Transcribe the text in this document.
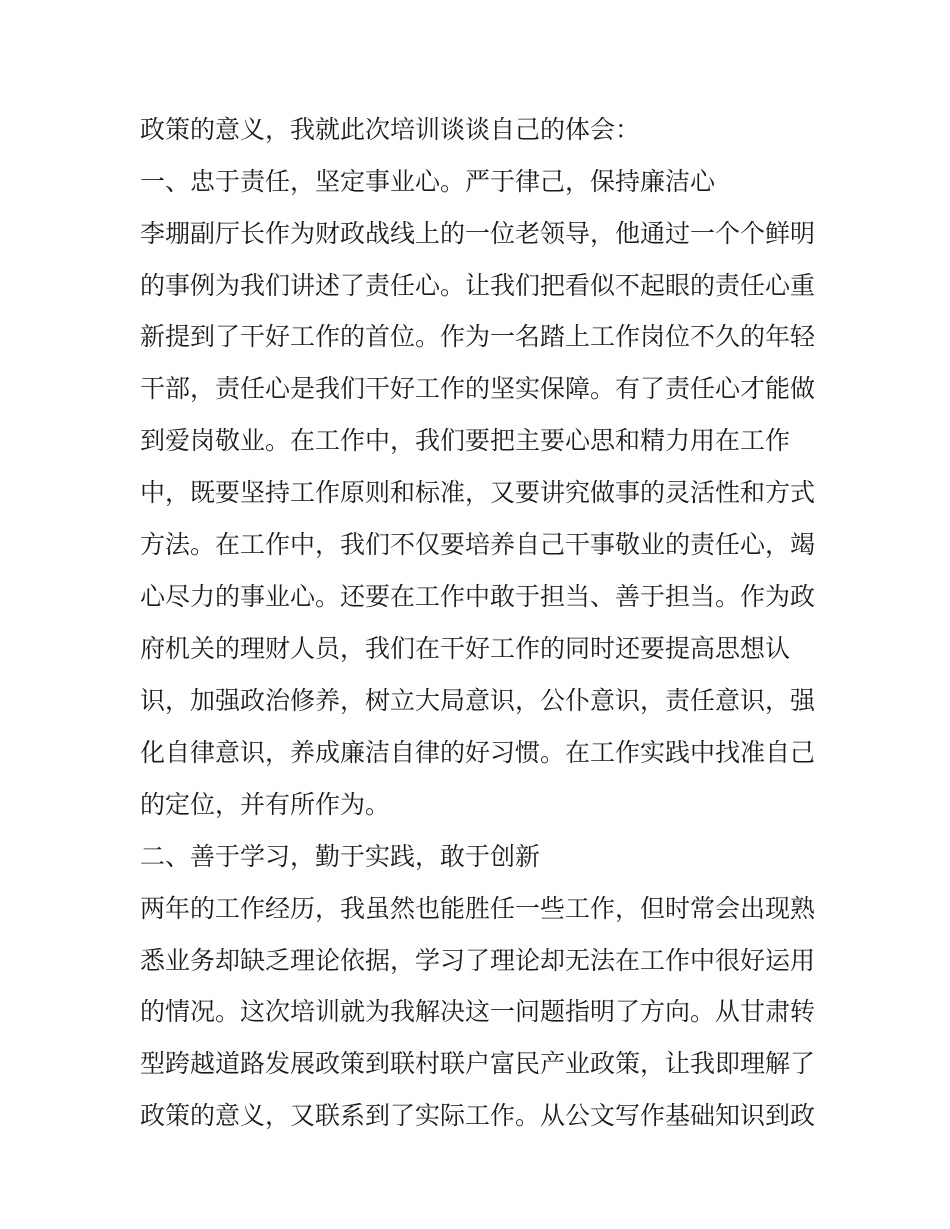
政策的意义，我就此次培训谈谈自己的体会：
一、忠于责任，坚定事业心。严于律己，保持廉洁心
李堋副厅长作为财政战线上的一位老领导，他通过一个个鲜明
的事例为我们讲述了责任心。让我们把看似不起眼的责任心重
新提到了干好工作的首位。作为一名踏上工作岗位不久的年轻
干部，责任心是我们干好工作的坚实保障。有了责任心才能做
到爱岗敬业。在工作中，我们要把主要心思和精力用在工作
中，既要坚持工作原则和标准，又要讲究做事的灵活性和方式
方法。在工作中，我们不仅要培养自己干事敬业的责任心，竭
心尽力的事业心。还要在工作中敢于担当、善于担当。作为政
府机关的理财人员，我们在干好工作的同时还要提高思想认
识，加强政治修养，树立大局意识，公仆意识，责任意识，强
化自律意识，养成廉洁自律的好习惯。在工作实践中找准自己
的定位，并有所作为。
二、善于学习，勤于实践，敢于创新
两年的工作经历，我虽然也能胜任一些工作，但时常会出现熟
悉业务却缺乏理论依据，学习了理论却无法在工作中很好运用
的情况。这次培训就为我解决这一问题指明了方向。从甘肃转
型跨越道路发展政策到联村联户富民产业政策，让我即理解了
政策的意义，又联系到了实际工作。从公文写作基础知识到政
